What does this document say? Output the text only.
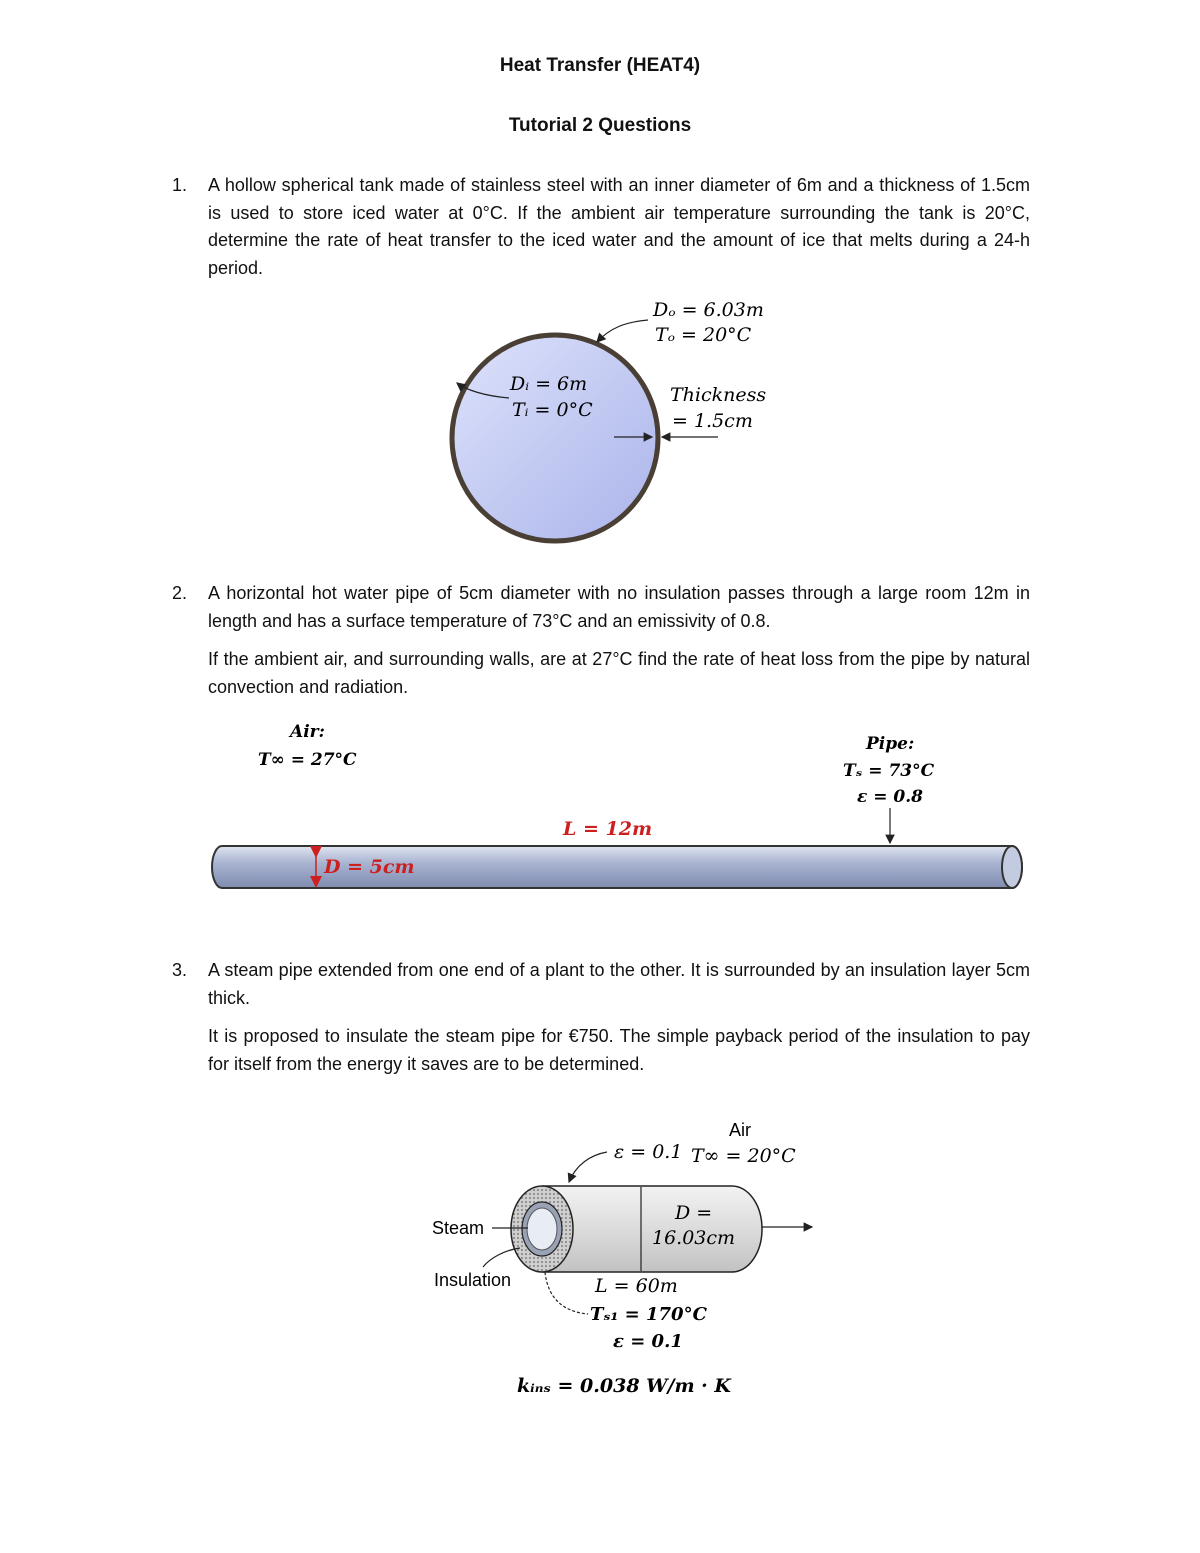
Heat Transfer (HEAT4)
Tutorial 2 Questions
1. A hollow spherical tank made of stainless steel with an inner diameter of 6m and a thickness of 1.5cm is used to store iced water at 0°C. If the ambient air temperature surrounding the tank is 20°C, determine the rate of heat transfer to the iced water and the amount of ice that melts during a 24-h period.

Dₒ = 6.03m
Tₒ = 20°C
Dᵢ = 6m
Tᵢ = 0°C
Thickness
= 1.5cm
2. A horizontal hot water pipe of 5cm diameter with no insulation passes through a large room 12m in length and has a surface temperature of 73°C and an emissivity of 0.8.

If the ambient air, and surrounding walls, are at 27°C find the rate of heat loss from the pipe by natural convection and radiation.

Air:
T∞ = 27°C
Pipe:
Tₛ = 73°C
ε = 0.8
L = 12m
D = 5cm
3. A steam pipe extended from one end of a plant to the other. It is surrounded by an insulation layer 5cm thick.

It is proposed to insulate the steam pipe for €750. The simple payback period of the insulation to pay for itself from the energy it saves are to be determined.

Air
ε = 0.1 T∞ = 20°C
Steam
Insulation
D =
16.03cm
L = 60m
Tₛ₁ = 170°C
ε = 0.1
kᵢₙₛ = 0.038 W/m · K
